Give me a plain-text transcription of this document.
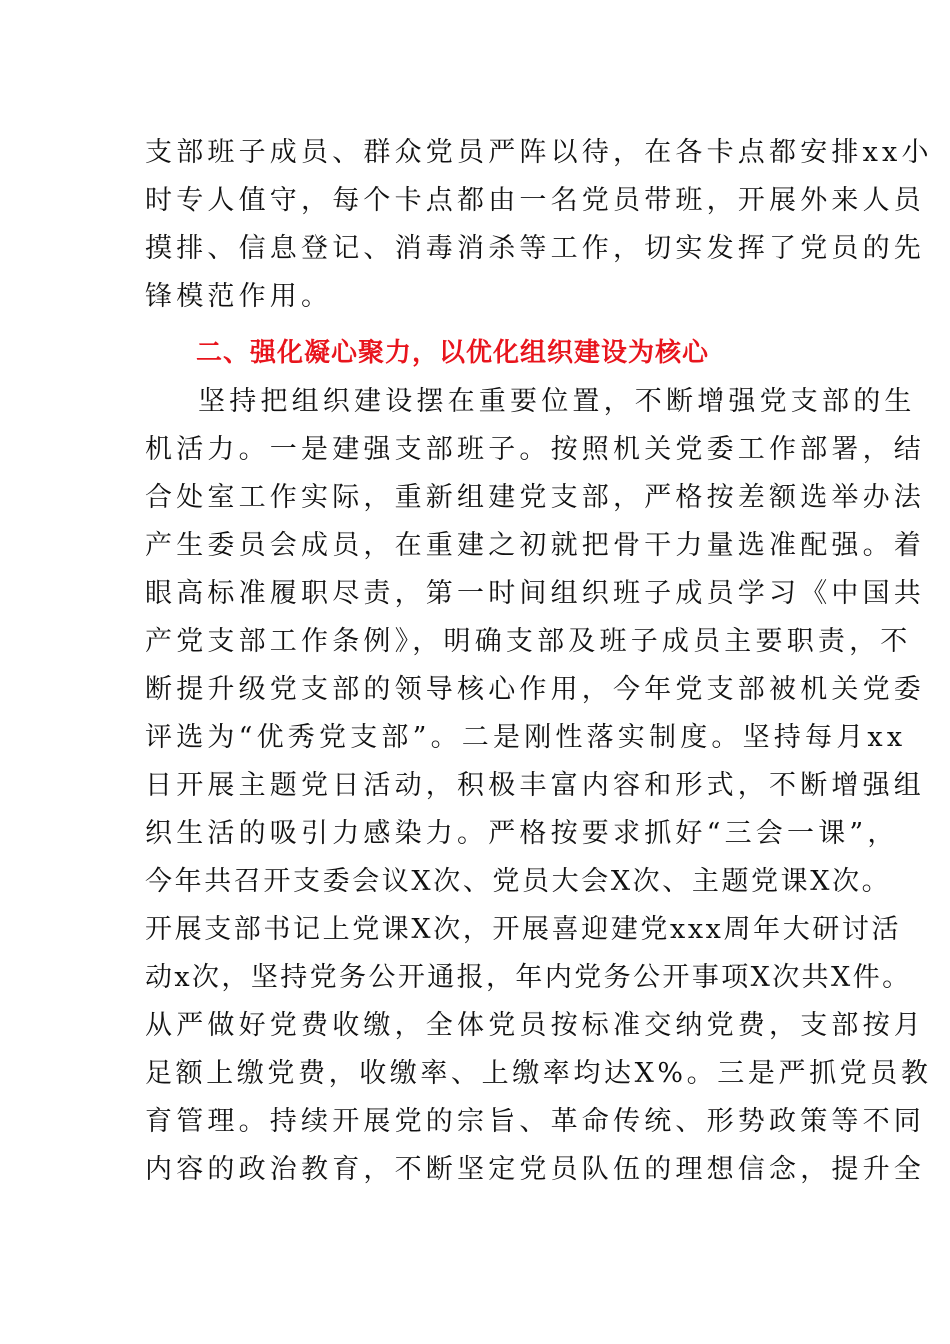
支部班子成员、群众党员严阵以待，在各卡点都安排xx小
时专人值守，每个卡点都由一名党员带班，开展外来人员
摸排、信息登记、消毒消杀等工作，切实发挥了党员的先
锋模范作用。
二、强化凝心聚力，以优化组织建设为核心
坚持把组织建设摆在重要位置，不断增强党支部的生
机活力。一是建强支部班子。按照机关党委工作部署，结
合处室工作实际，重新组建党支部，严格按差额选举办法
产生委员会成员，在重建之初就把骨干力量选准配强。着
眼高标准履职尽责，第一时间组织班子成员学习《中国共
产党支部工作条例》，明确支部及班子成员主要职责，不
断提升级党支部的领导核心作用，今年党支部被机关党委
评选为“优秀党支部”。二是刚性落实制度。坚持每月xx
日开展主题党日活动，积极丰富内容和形式，不断增强组
织生活的吸引力感染力。严格按要求抓好“三会一课”，
今年共召开支委会议X次、党员大会X次、主题党课X次。
开展支部书记上党课X次，开展喜迎建党xxx周年大研讨活
动x次，坚持党务公开通报，年内党务公开事项X次共X件。
从严做好党费收缴，全体党员按标准交纳党费，支部按月
足额上缴党费，收缴率、上缴率均达X%。三是严抓党员教
育管理。持续开展党的宗旨、革命传统、形势政策等不同
内容的政治教育，不断坚定党员队伍的理想信念，提升全
